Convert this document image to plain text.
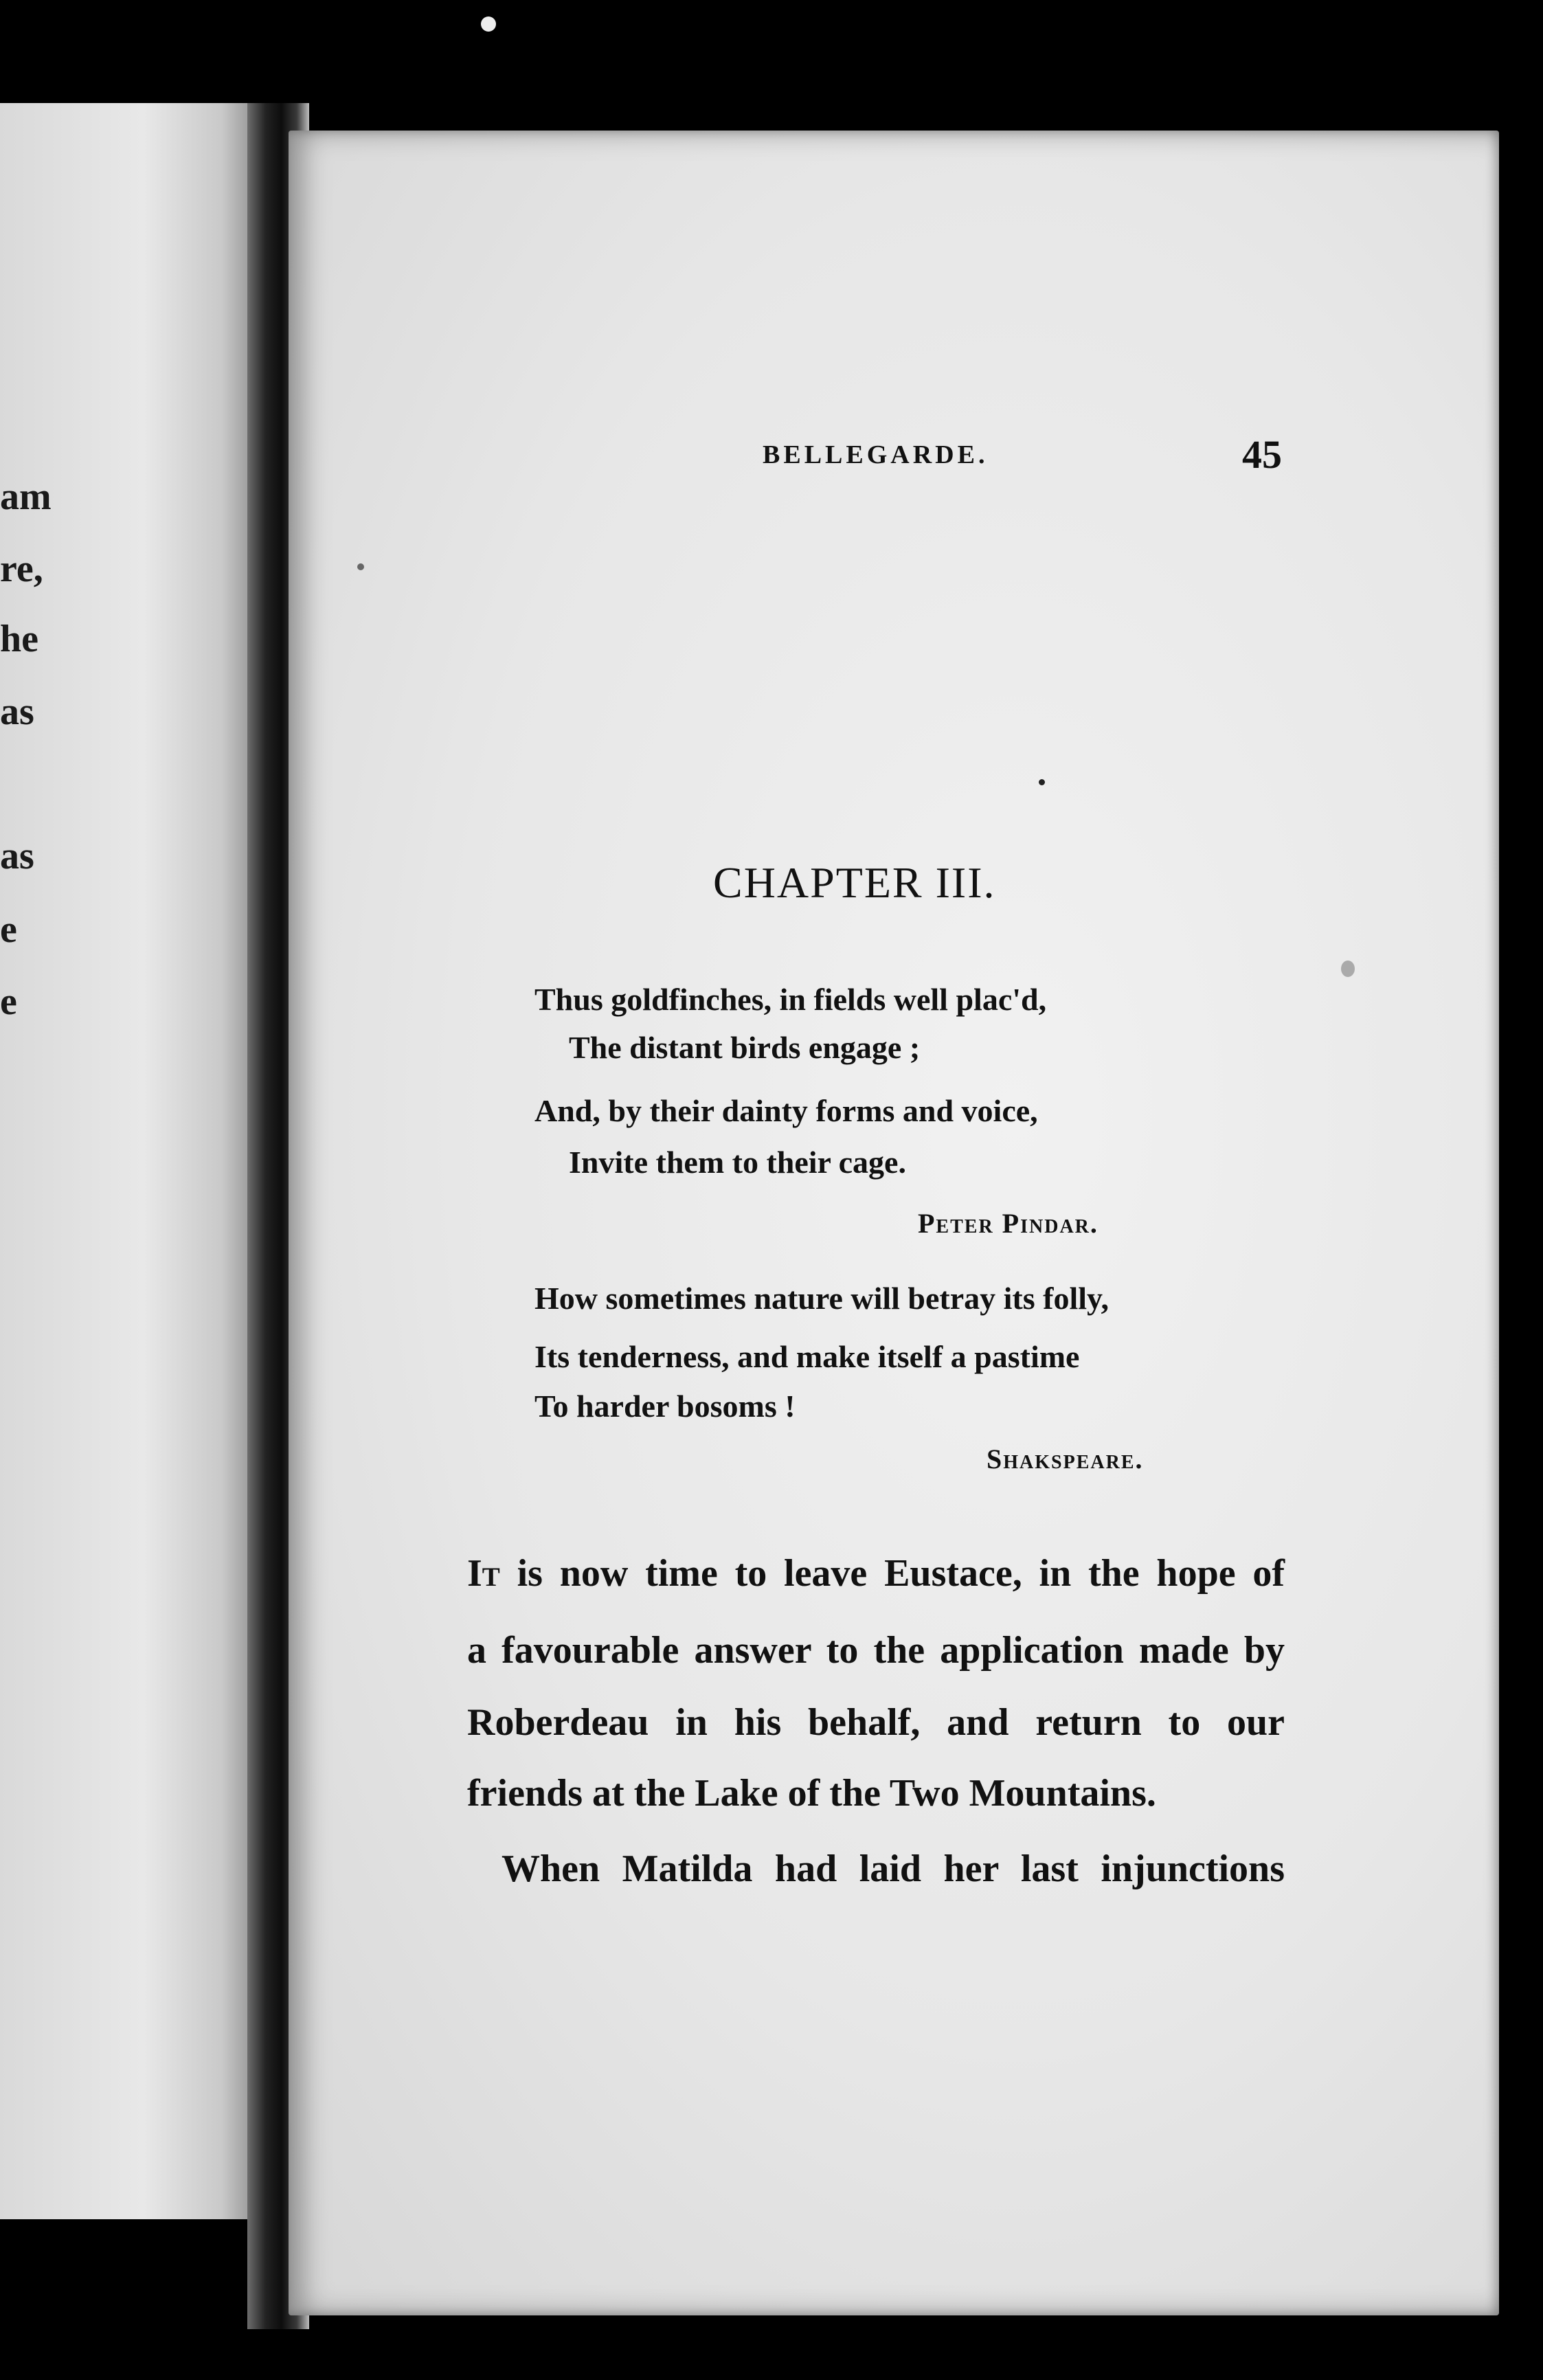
am
re,
he
as
as
e
e
BELLEGARDE.	45
CHAPTER III.
Thus goldfinches, in fields well plac'd,
The distant birds engage ;
And, by their dainty forms and voice,
Invite them to their cage.
Peter Pindar.
How sometimes nature will betray its folly,
Its tenderness, and make itself a pastime
To harder bosoms !
Shakspeare.
It is now time to leave Eustace, in the hope of
a favourable answer to the application made by
Roberdeau in his behalf, and return to our
friends at the Lake of the Two Mountains.
When Matilda had laid her last injunctions
